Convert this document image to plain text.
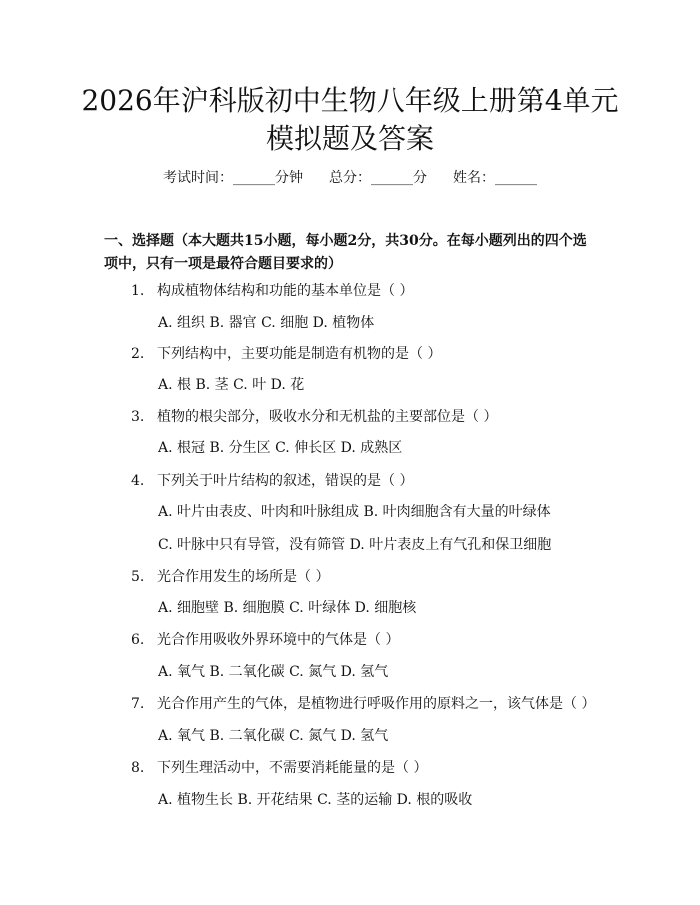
2026年沪科版初中生物八年级上册第4单元
模拟题及答案
考试时间：______分钟 总分：______分 姓名：______
一、选择题（本大题共15小题，每小题2分，共30分。在每小题列出的四个选
项中，只有一项是最符合题目要求的）
1. 构成植物体结构和功能的基本单位是（ ）
A. 组织 B. 器官 C. 细胞 D. 植物体
2. 下列结构中，主要功能是制造有机物的是（ ）
A. 根 B. 茎 C. 叶 D. 花
3. 植物的根尖部分，吸收水分和无机盐的主要部位是（ ）
A. 根冠 B. 分生区 C. 伸长区 D. 成熟区
4. 下列关于叶片结构的叙述，错误的是（ ）
A. 叶片由表皮、叶肉和叶脉组成 B. 叶肉细胞含有大量的叶绿体
C. 叶脉中只有导管，没有筛管 D. 叶片表皮上有气孔和保卫细胞
5. 光合作用发生的场所是（ ）
A. 细胞壁 B. 细胞膜 C. 叶绿体 D. 细胞核
6. 光合作用吸收外界环境中的气体是（ ）
A. 氧气 B. 二氧化碳 C. 氮气 D. 氢气
7. 光合作用产生的气体，是植物进行呼吸作用的原料之一，该气体是（ ）
A. 氧气 B. 二氧化碳 C. 氮气 D. 氢气
8. 下列生理活动中，不需要消耗能量的是（ ）
A. 植物生长 B. 开花结果 C. 茎的运输 D. 根的吸收
